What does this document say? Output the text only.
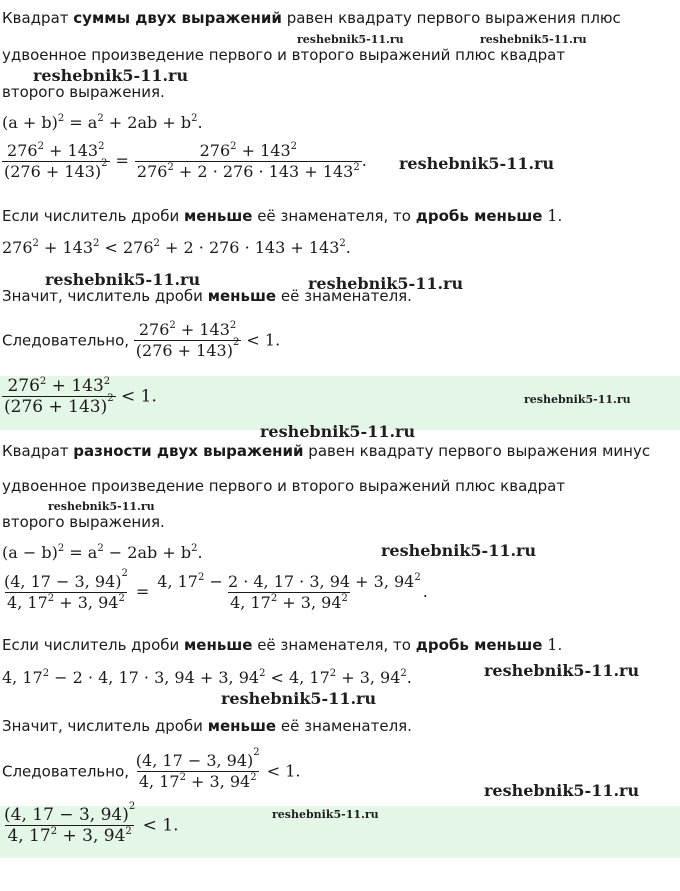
Квадрат суммы двух выражений равен квадрату первого выражения плюс
удвоенное произведение первого и второго выражений плюс квадрат
второго выражения.
$(a + b)^2 = a^2 + 2ab + b^2$.
$\frac{276^2 + 143^2}{(276 + 143)^2} = \frac{276^2 + 143^2}{276^2 + 2 \cdot 276 \cdot 143 + 143^2}$ .
Если числитель дроби меньше её знаменателя, то дробь меньше 1.
$276^2 + 143^2 < 276^2 + 2 \cdot 276 \cdot 143 + 143^2$.
Значит, числитель дроби меньше её знаменателя.
Следовательно, $\frac{276^2 + 143^2}{(276 + 143)^2} < 1$.
$\frac{276^2 + 143^2}{(276 + 143)^2} < 1$.
Квадрат разности двух выражений равен квадрату первого выражения минус
удвоенное произведение первого и второго выражений плюс квадрат
второго выражения.
$(a - b)^2 = a^2 - 2ab + b^2$.
$\frac{(4, 17 - 3, 94)^2}{4, 17^2 + 3, 94^2} = \frac{4, 17^2 - 2 \cdot 4, 17 \cdot 3, 94 + 3, 94^2}{4, 17^2 + 3, 94^2}$ .
Если числитель дроби меньше её знаменателя, то дробь меньше 1.
4, $17^2 - 2 \cdot 4$, 17 · 3, 94 + 3, $94^2 < 4$, $17^2 + 3$, $94^2$.
Значит, числитель дроби меньше её знаменателя.
Следовательно, $\frac{(4, 17 - 3, 94)^2}{4, 17^2 + 3, 94^2} < 1$.
$\frac{(4, 17 - 3, 94)^2}{4, 17^2 + 3, 94^2} < 1$.
reshebnik5-11.ru	reshebnik5-11.ru
reshebnik5-11.ru
reshebnik5-11.ru
reshebnik5-11.ru	reshebnik5-11.ru
reshebnik5-11.ru
reshebnik5-11.ru
reshebnik5-11.ru
reshebnik5-11.ru
reshebnik5-11.ru
reshebnik5-11.ru
reshebnik5-11.ru
reshebnik5-11.ru
